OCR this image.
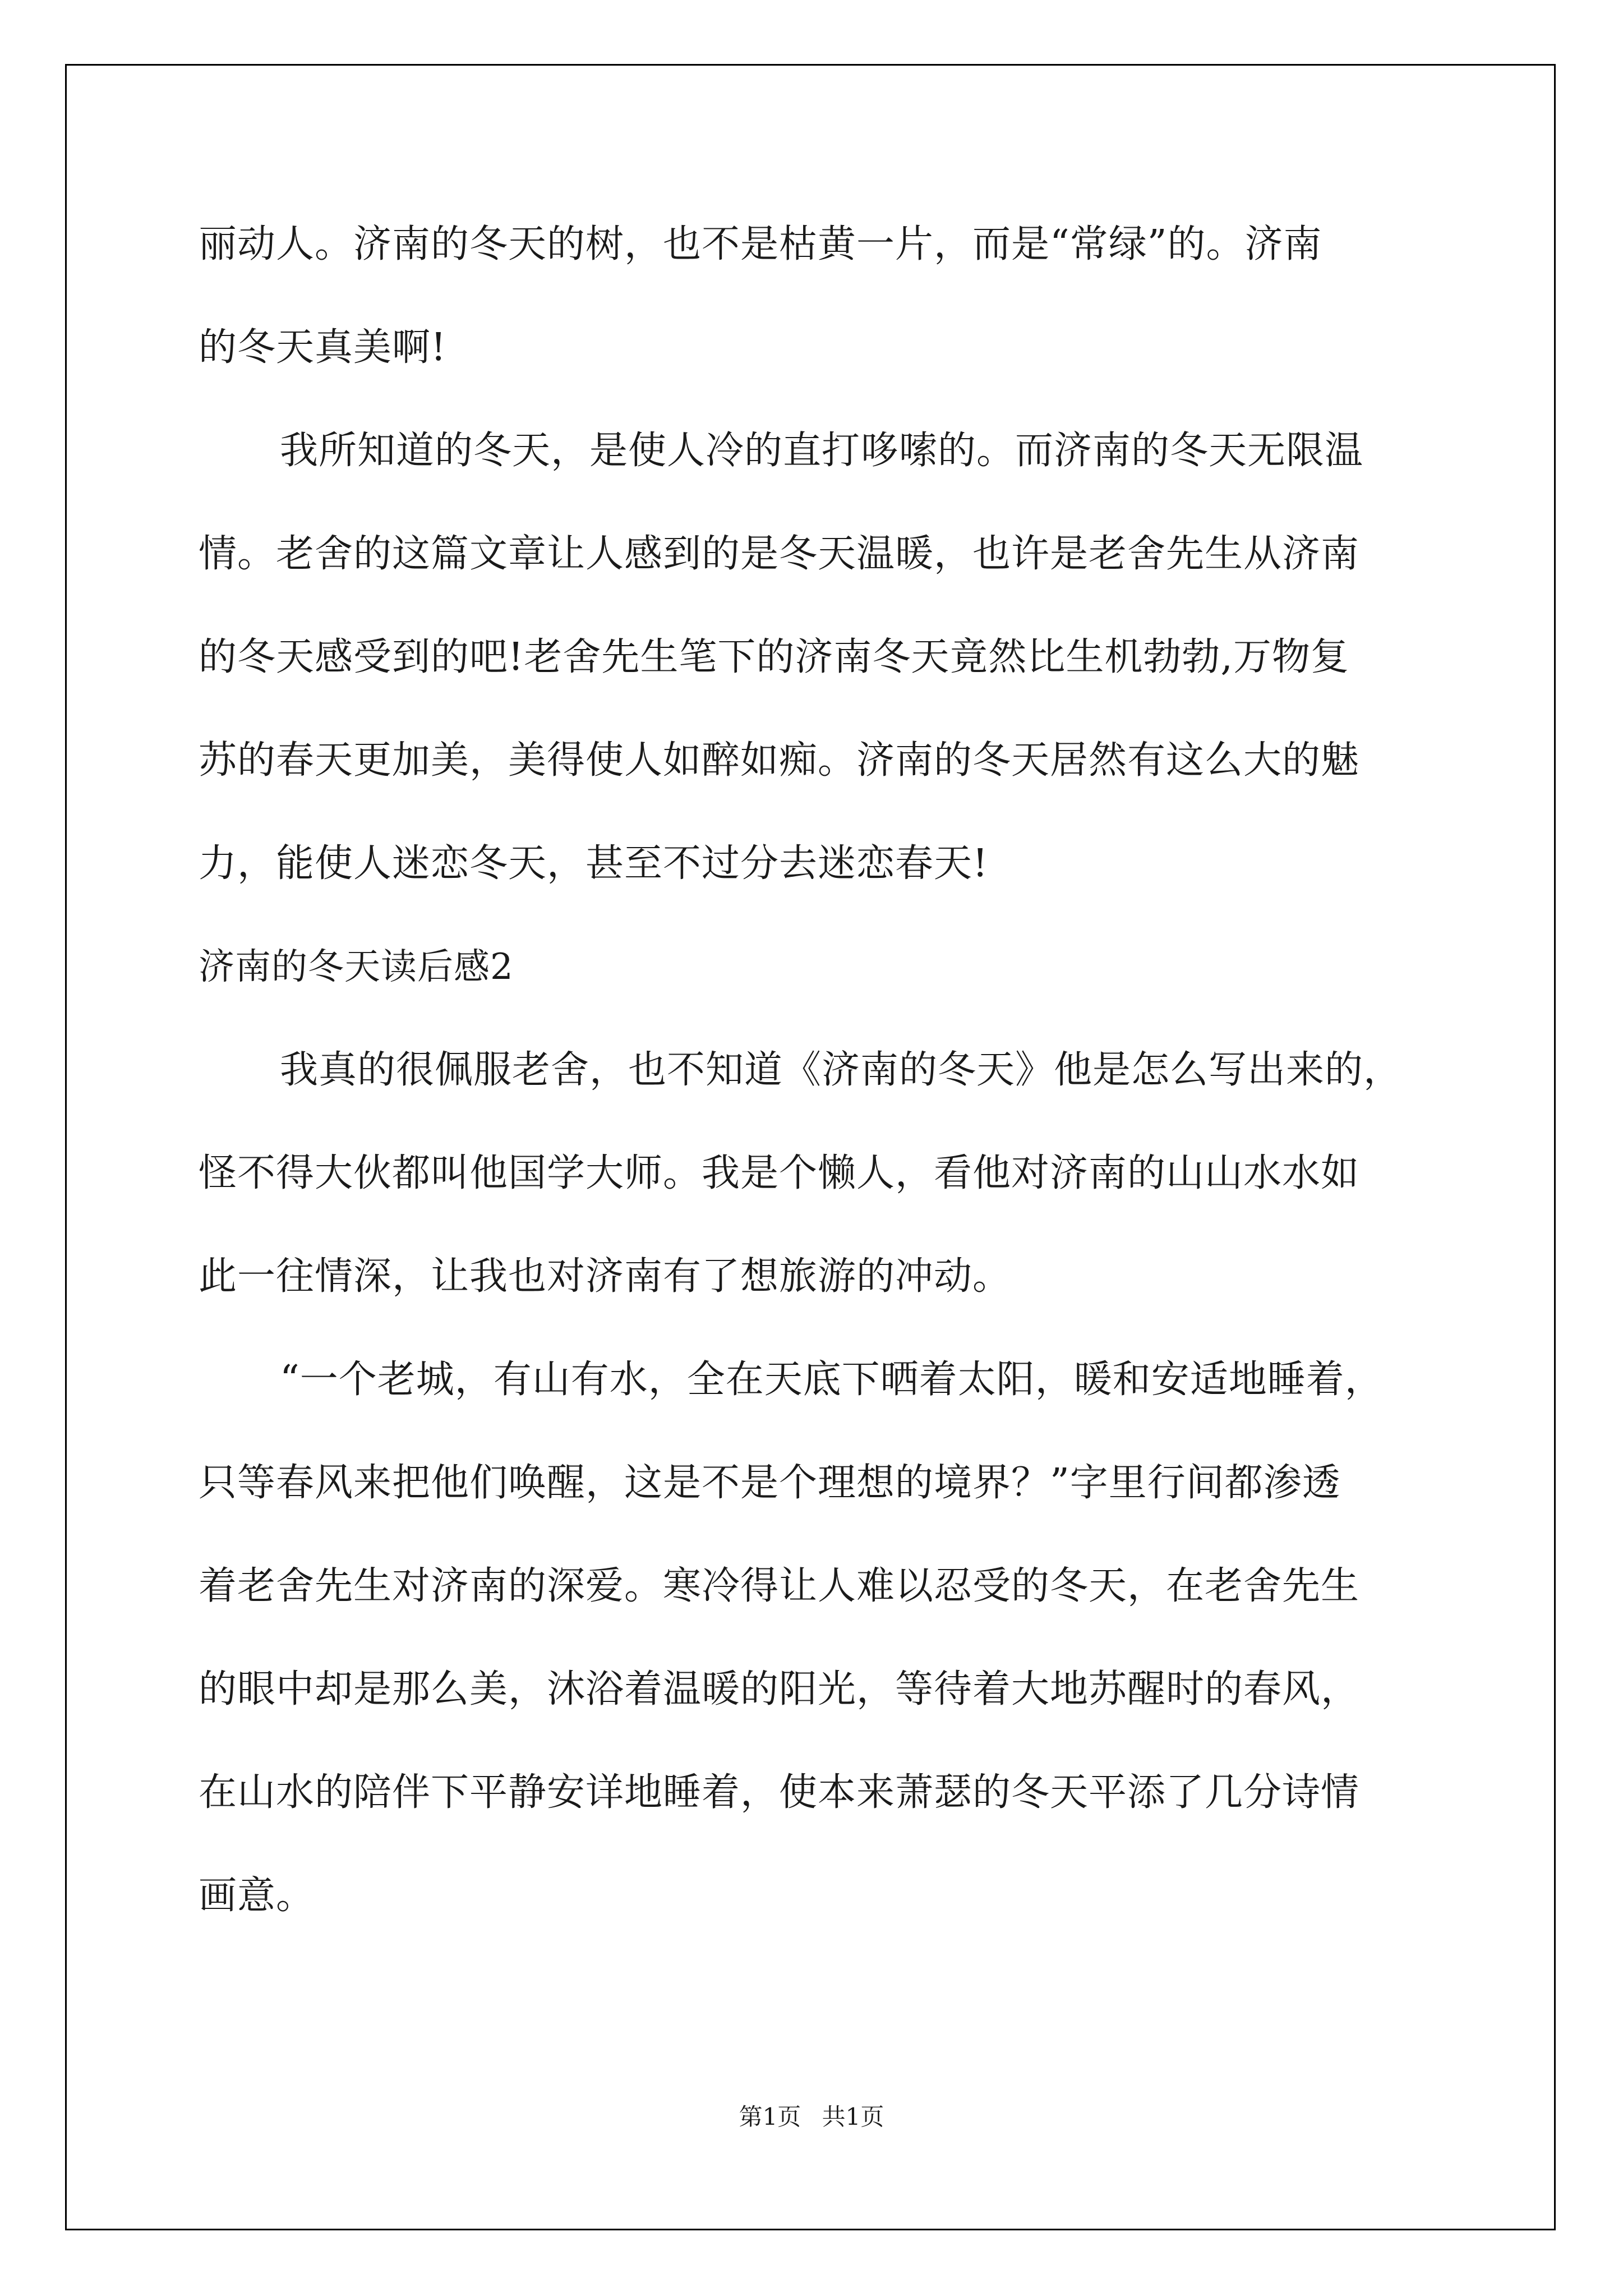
丽动人。济南的冬天的树，也不是枯黄一片，而是“常绿”的。济南
的冬天真美啊!
我所知道的冬天，是使人冷的直打哆嗦的。而济南的冬天无限温
情。老舍的这篇文章让人感到的是冬天温暖，也许是老舍先生从济南
的冬天感受到的吧!老舍先生笔下的济南冬天竟然比生机勃勃,万物复
苏的春天更加美，美得使人如醉如痴。济南的冬天居然有这么大的魅
力，能使人迷恋冬天，甚至不过分去迷恋春天!
济南的冬天读后感2
我真的很佩服老舍，也不知道《济南的冬天》他是怎么写出来的，
怪不得大伙都叫他国学大师。我是个懒人，看他对济南的山山水水如
此一往情深，让我也对济南有了想旅游的冲动。
“一个老城，有山有水，全在天底下晒着太阳，暖和安适地睡着，
只等春风来把他们唤醒，这是不是个理想的境界？”字里行间都渗透
着老舍先生对济南的深爱。寒冷得让人难以忍受的冬天，在老舍先生
的眼中却是那么美，沐浴着温暖的阳光，等待着大地苏醒时的春风，
在山水的陪伴下平静安详地睡着，使本来萧瑟的冬天平添了几分诗情
画意。
第1页 共1页
